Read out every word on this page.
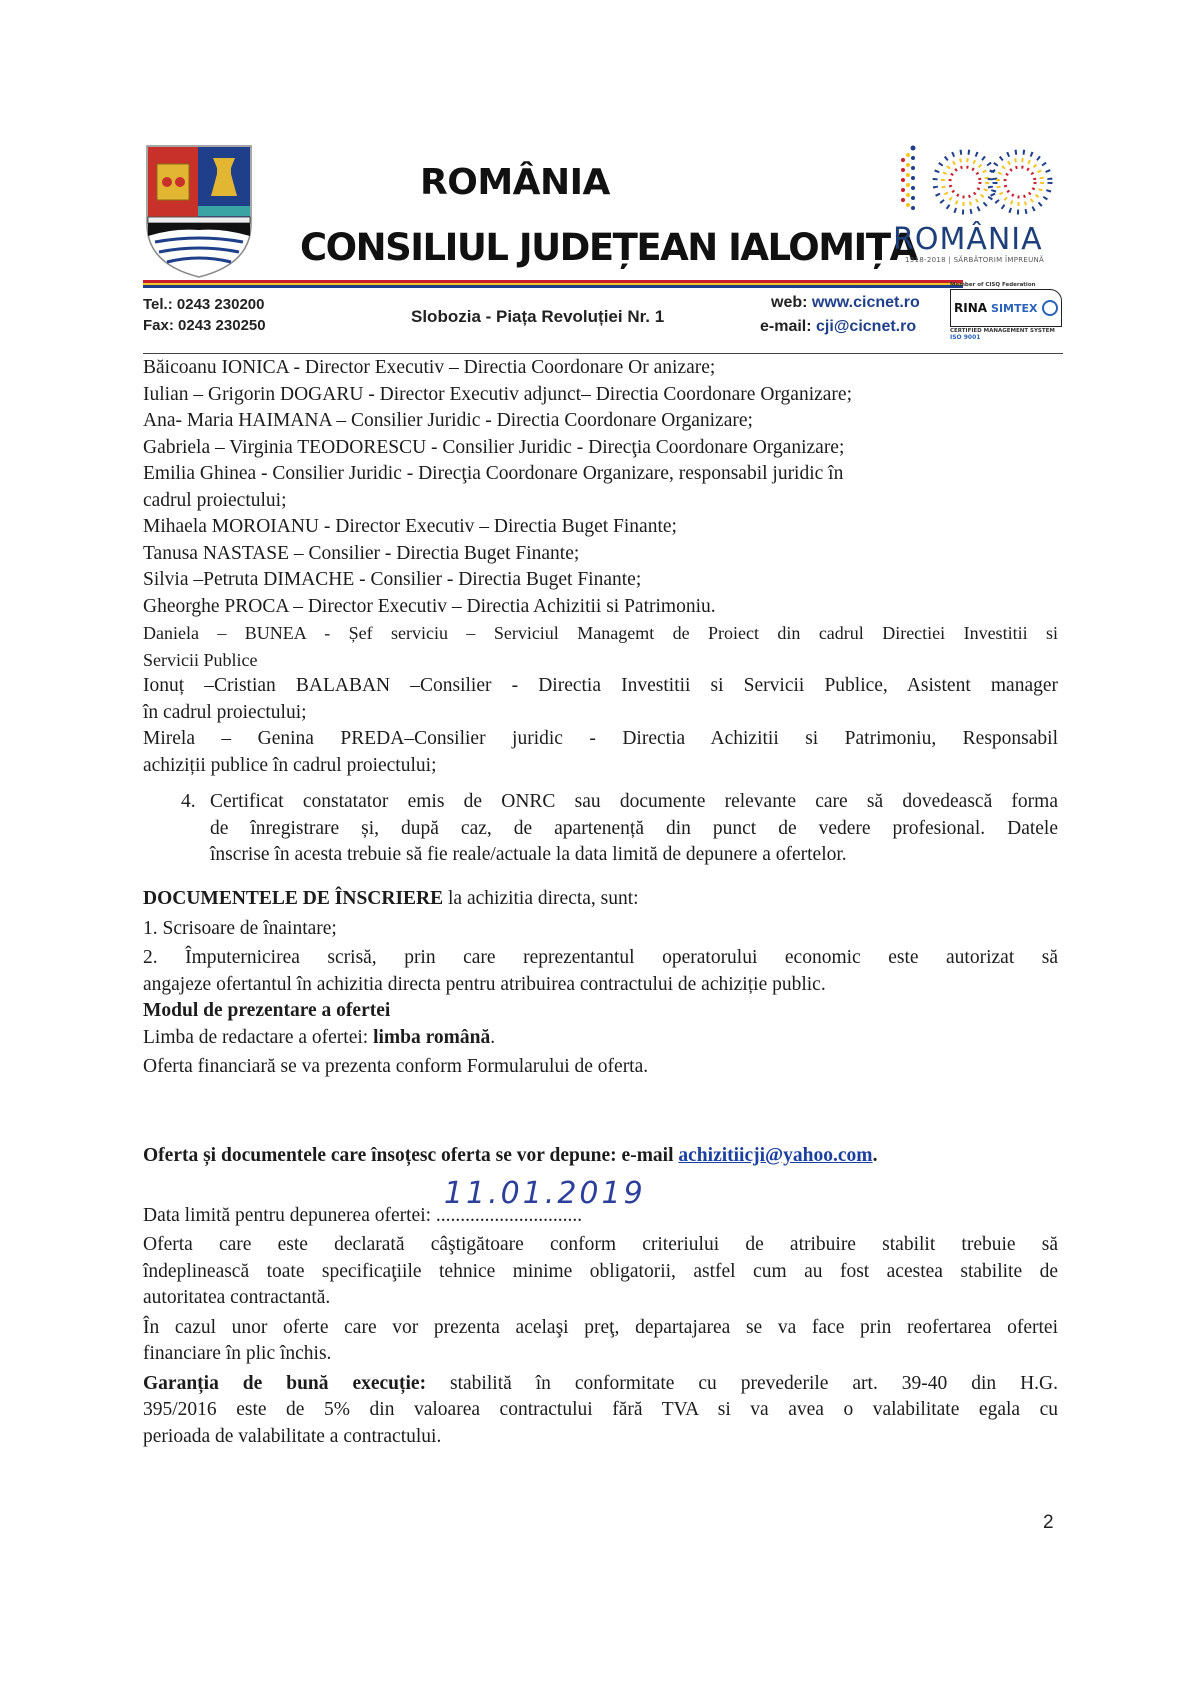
ROMÂNIA
CONSILIUL JUDEȚEAN IALOMIȚA
ROMÂNIA
1918-2018 | SĂRBĂTORIM ÎMPREUNĂ
Tel.: 0243 230200
Fax: 0243 230250	Slobozia - Piața Revoluției Nr. 1
web: www.cicnet.ro
e-mail: cji@cicnet.ro
Member of CISQ Federation
RINA SIMTEX
CERTIFIED MANAGEMENT SYSTEM
ISO 9001
Băicoanu IONICA - Director Executiv – Directia Coordonare Or anizare;
Iulian – Grigorin DOGARU - Director Executiv adjunct– Directia Coordonare Organizare;
Ana- Maria HAIMANA – Consilier Juridic - Directia Coordonare Organizare;
Gabriela – Virginia TEODORESCU - Consilier Juridic - Direcţia Coordonare Organizare;
Emilia Ghinea - Consilier Juridic - Direcţia Coordonare Organizare, responsabil juridic în
cadrul proiectului;
Mihaela MOROIANU - Director Executiv – Directia Buget Finante;
Tanusa NASTASE – Consilier - Directia Buget Finante;
Silvia –Petruta DIMACHE - Consilier - Directia Buget Finante;
Gheorghe PROCA – Director Executiv – Directia Achizitii si Patrimoniu.
Daniela – BUNEA - Șef serviciu – Serviciul Managemt de Proiect din cadrul Directiei Investitii si
Servicii Publice
Ionuț –Cristian BALABAN –Consilier - Directia Investitii si Servicii Publice, Asistent manager
în cadrul proiectului;
Mirela – Genina PREDA–Consilier juridic - Directia Achizitii si Patrimoniu, Responsabil
achiziții publice în cadrul proiectului;
4. Certificat constatator emis de ONRC sau documente relevante care să dovedească forma
de înregistrare și, după caz, de apartenență din punct de vedere profesional. Datele
înscrise în acesta trebuie să fie reale/actuale la data limită de depunere a ofertelor.
DOCUMENTELE DE ÎNSCRIERE la achizitia directa, sunt:
1. Scrisoare de înaintare;
2. Împuternicirea scrisă, prin care reprezentantul operatorului economic este autorizat să
angajeze ofertantul în achizitia directa pentru atribuirea contractului de achiziție public.
Modul de prezentare a ofertei
Limba de redactare a ofertei: limba română.
Oferta financiară se va prezenta conform Formularului de oferta.
Oferta și documentele care însoțesc oferta se vor depune: e-mail achizitiicji@yahoo.com.
Data limită pentru depunerea ofertei: ..............................
11.01.2019
Oferta care este declarată câştigătoare conform criteriului de atribuire stabilit trebuie să
îndeplinească toate specificaţiile tehnice minime obligatorii, astfel cum au fost acestea stabilite de
autoritatea contractantă.
În cazul unor oferte care vor prezenta acelaşi preţ, departajarea se va face prin reofertarea ofertei
financiare în plic închis.
Garanția de bună execuție: stabilită în conformitate cu prevederile art. 39-40 din H.G.
395/2016 este de 5% din valoarea contractului fără TVA si va avea o valabilitate egala cu
perioada de valabilitate a contractului.
2
